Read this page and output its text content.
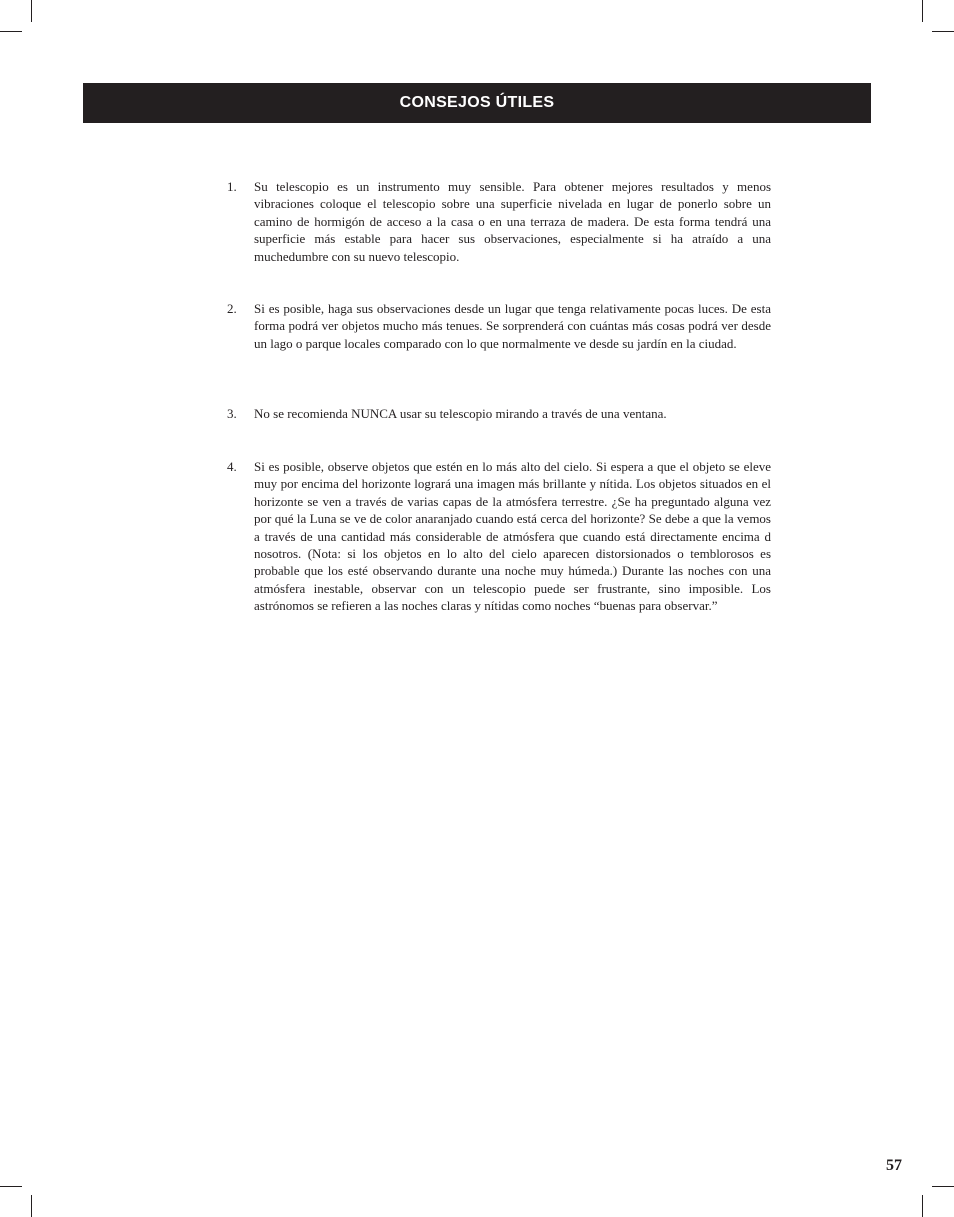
CONSEJOS ÚTILES
1.	Su telescopio es un instrumento muy sensible. Para obtener mejores resultados y menos vibraciones coloque el telescopio sobre una superficie nivelada en lugar de ponerlo sobre un camino de hormigón de acceso a la casa o en una terraza de madera. De esta forma tendrá una superficie más estable para hacer sus observaciones, especialmente si ha atraído a una muchedumbre con su nuevo telescopio.
2.	Si es posible, haga sus observaciones desde un lugar que tenga relativamente pocas luces. De esta forma podrá ver objetos mucho más tenues. Se sorprenderá con cuántas más cosas podrá ver desde un lago o parque locales comparado con lo que normalmente ve desde su jardín en la ciudad.
3.	No se recomienda NUNCA usar su telescopio mirando a través de una ventana.
4.	Si es posible, observe objetos que estén en lo más alto del cielo. Si espera a que el objeto se eleve muy por encima del horizonte logrará una imagen más brillante y nítida. Los objetos situados en el horizonte se ven a través de varias capas de la atmósfera terrestre. ¿Se ha preguntado alguna vez por qué la Luna se ve de color anaranjado cuando está cerca del horizonte? Se debe a que la vemos a través de una cantidad más considerable de atmósfera que cuando está directamente encima d nosotros. (Nota: si los objetos en lo alto del cielo aparecen distorsionados o temblorosos es probable que los esté observando durante una noche muy húmeda.) Durante las noches con una atmósfera inestable, observar con un telescopio puede ser frustrante, sino imposible. Los astrónomos se refieren a las noches claras y nítidas como noches “buenas para observar.”
57
